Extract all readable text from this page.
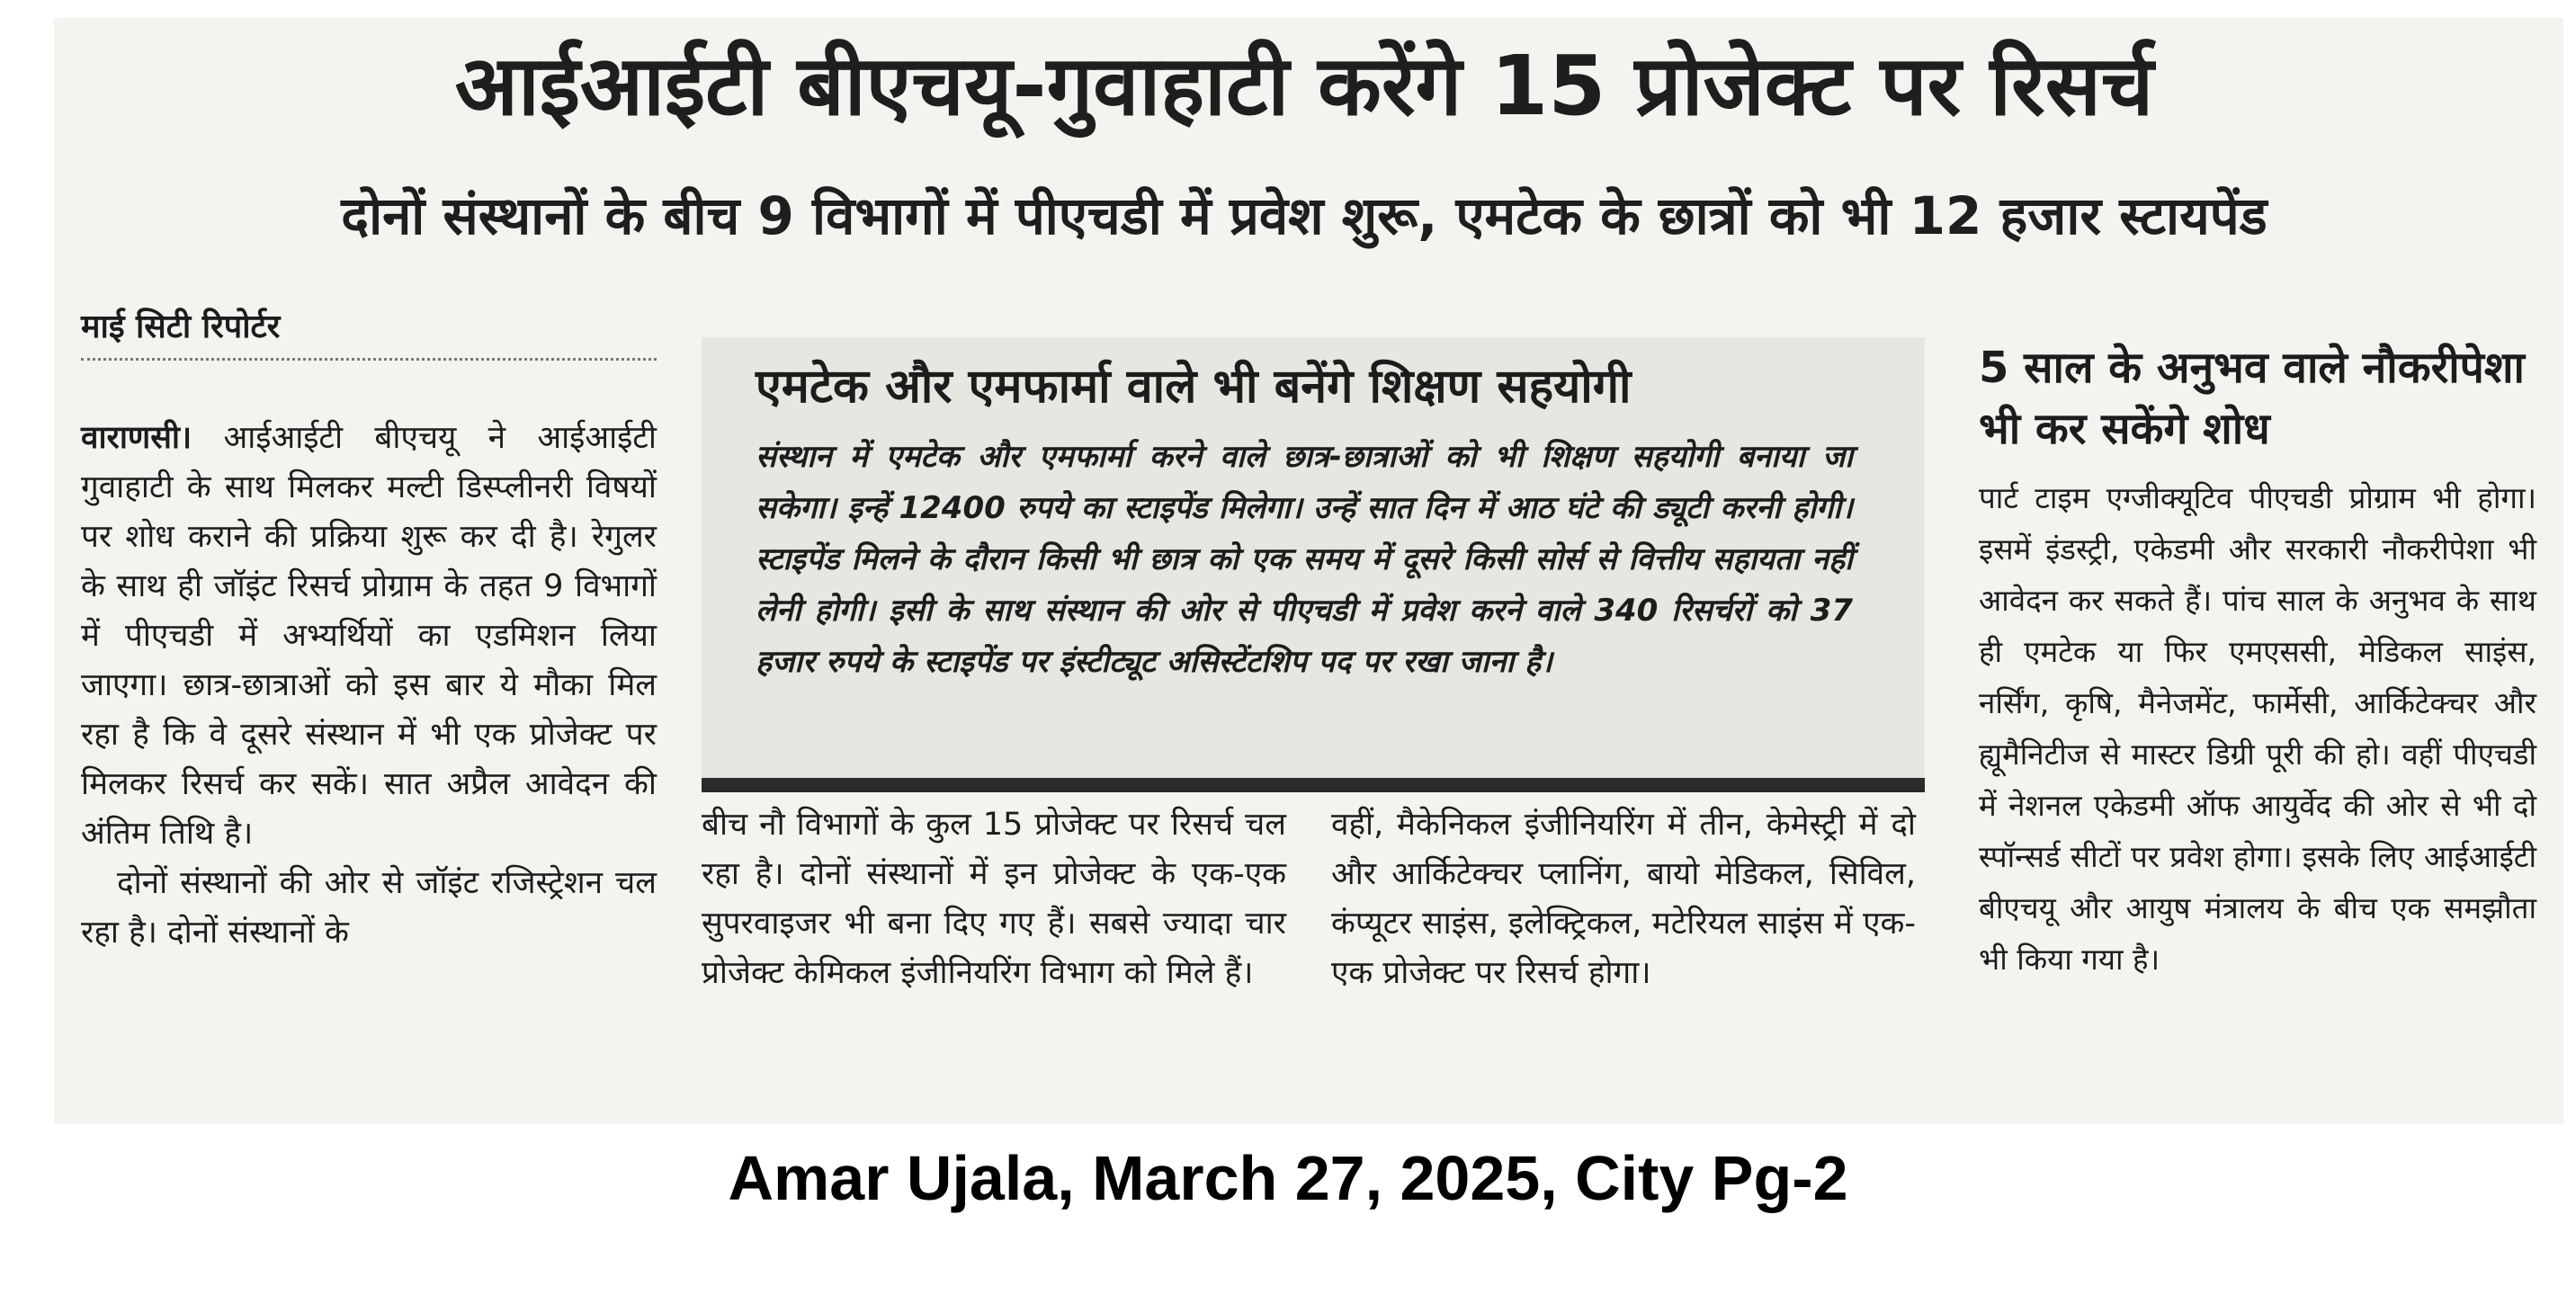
आईआईटी बीएचयू-गुवाहाटी करेंगे 15 प्रोजेक्ट पर रिसर्च
दोनों संस्थानों के बीच 9 विभागों में पीएचडी में प्रवेश शुरू, एमटेक के छात्रों को भी 12 हजार स्टायपेंड
माई सिटी रिपोर्टर

वाराणसी। आईआईटी बीएचयू ने आईआईटी गुवाहाटी के साथ मिलकर मल्टी डिस्प्लीनरी विषयों पर शोध कराने की प्रक्रिया शुरू कर दी है। रेगुलर के साथ ही जॉइंट रिसर्च प्रोग्राम के तहत 9 विभागों में पीएचडी में अभ्यर्थियों का एडमिशन लिया जाएगा। छात्र-छात्राओं को इस बार ये मौका मिल रहा है कि वे दूसरे संस्थान में भी एक प्रोजेक्ट पर मिलकर रिसर्च कर सकें। सात अप्रैल आवेदन की अंतिम तिथि है।

दोनों संस्थानों की ओर से जॉइंट रजिस्ट्रेशन चल रहा है। दोनों संस्थानों के

एमटेक और एमफार्मा वाले भी बनेंगे शिक्षण सहयोगी
संस्थान में एमटेक और एमफार्मा करने वाले छात्र-छात्राओं को भी शिक्षण सहयोगी बनाया जा सकेगा। इन्हें 12400 रुपये का स्टाइपेंड मिलेगा। उन्हें सात दिन में आठ घंटे की ड्यूटी करनी होगी। स्टाइपेंड मिलने के दौरान किसी भी छात्र को एक समय में दूसरे किसी सोर्स से वित्तीय सहायता नहीं लेनी होगी। इसी के साथ संस्थान की ओर से पीएचडी में प्रवेश करने वाले 340 रिसर्चरों को 37 हजार रुपये के स्टाइपेंड पर इंस्टीट्यूट असिस्टेंटशिप पद पर रखा जाना है।
बीच नौ विभागों के कुल 15 प्रोजेक्ट पर रिसर्च चल रहा है। दोनों संस्थानों में इन प्रोजेक्ट के एक-एक सुपरवाइजर भी बना दिए गए हैं। सबसे ज्यादा चार प्रोजेक्ट केमिकल इंजीनियरिंग विभाग को मिले हैं।
वहीं, मैकेनिकल इंजीनियरिंग में तीन, केमेस्ट्री में दो और आर्किटेक्चर प्लानिंग, बायो मेडिकल, सिविल, कंप्यूटर साइंस, इलेक्ट्रिकल, मटेरियल साइंस में एक-एक प्रोजेक्ट पर रिसर्च होगा।
5 साल के अनुभव वाले नौकरीपेशा भी कर सकेंगे शोध
पार्ट टाइम एग्जीक्यूटिव पीएचडी प्रोग्राम भी होगा। इसमें इंडस्ट्री, एकेडमी और सरकारी नौकरीपेशा भी आवेदन कर सकते हैं। पांच साल के अनुभव के साथ ही एमटेक या फिर एमएससी, मेडिकल साइंस, नर्सिंग, कृषि, मैनेजमेंट, फार्मेसी, आर्किटेक्चर और ह्यूमैनिटीज से मास्टर डिग्री पूरी की हो। वहीं पीएचडी में नेशनल एकेडमी ऑफ आयुर्वेद की ओर से भी दो स्पॉन्सर्ड सीटों पर प्रवेश होगा। इसके लिए आईआईटी बीएचयू और आयुष मंत्रालय के बीच एक समझौता भी किया गया है।
Amar Ujala, March 27, 2025, City Pg-2
